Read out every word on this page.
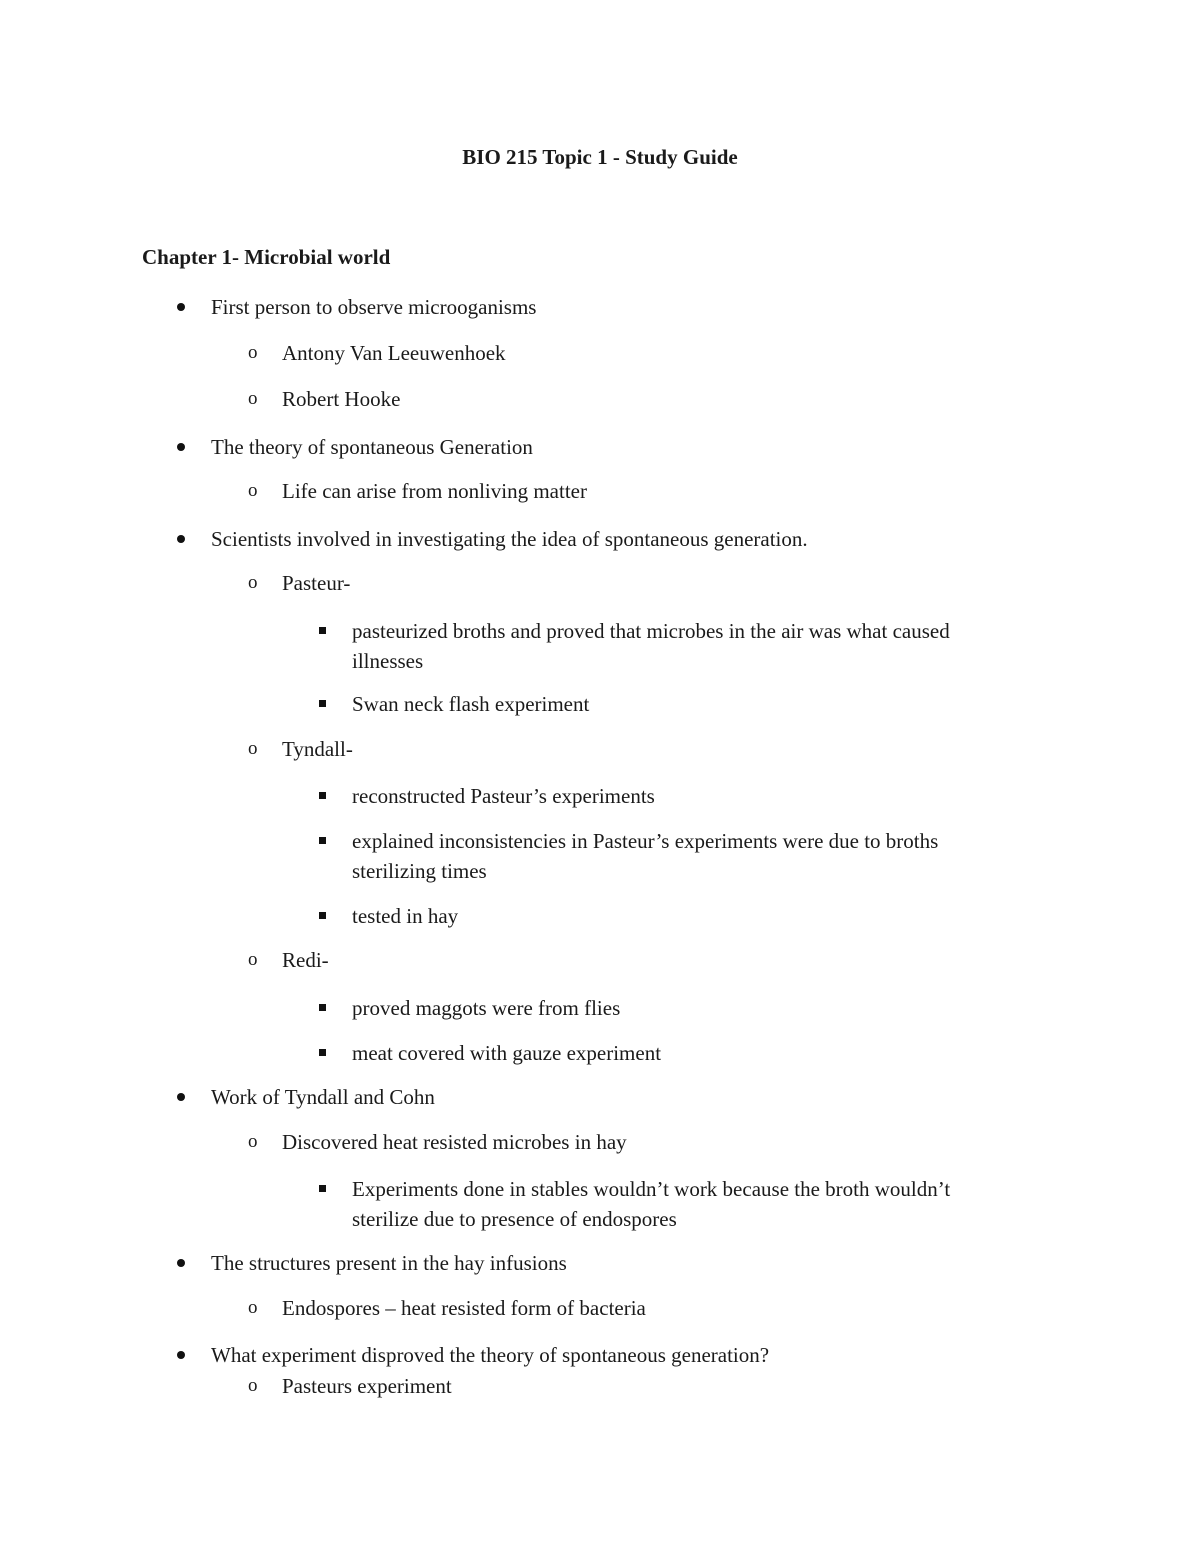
BIO 215 Topic 1 - Study Guide
Chapter 1- Microbial world
First person to observe microoganisms
o
Antony Van Leeuwenhoek
o
Robert Hooke
The theory of spontaneous Generation
o
Life can arise from nonliving matter
Scientists involved in investigating the idea of spontaneous generation.
o
Pasteur-
pasteurized broths and proved that microbes in the air was what caused
illnesses
Swan neck flash experiment
o
Tyndall-
reconstructed Pasteur’s experiments
explained inconsistencies in Pasteur’s experiments were due to broths
sterilizing times
tested in hay
o
Redi-
proved maggots were from flies
meat covered with gauze experiment
Work of Tyndall and Cohn
o
Discovered heat resisted microbes in hay
Experiments done in stables wouldn’t work because the broth wouldn’t
sterilize due to presence of endospores
The structures present in the hay infusions
o
Endospores – heat resisted form of bacteria
What experiment disproved the theory of spontaneous generation?
o
Pasteurs experiment
